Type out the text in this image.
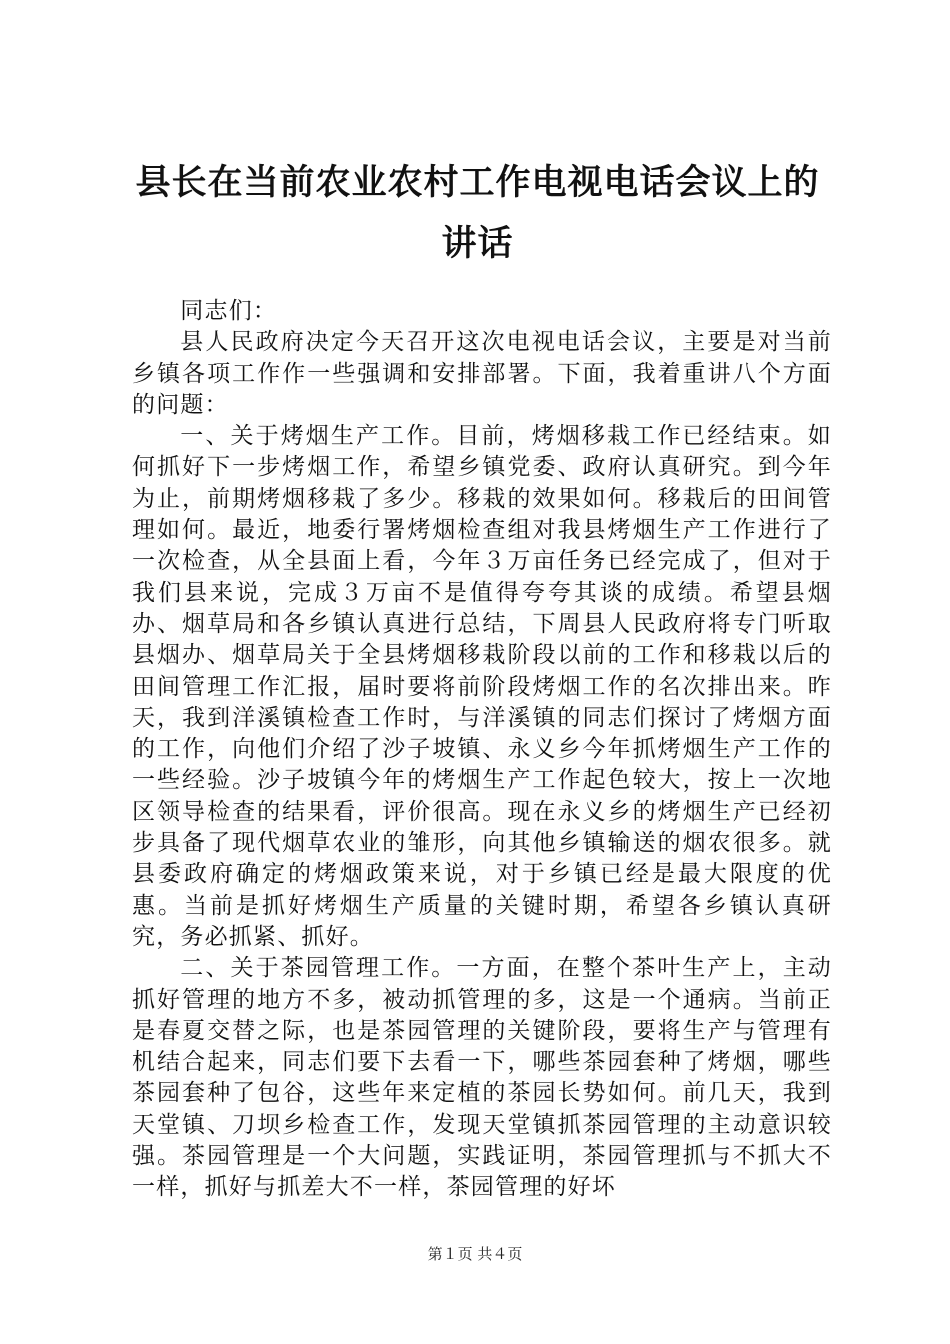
县长在当前农业农村工作电视电话会议上的讲话

同志们：

县人民政府决定今天召开这次电视电话会议，主要是对当前乡镇各项工作作一些强调和安排部署。下面，我着重讲八个方面的问题：

一、关于烤烟生产工作。目前，烤烟移栽工作已经结束。如何抓好下一步烤烟工作，希望乡镇党委、政府认真研究。到今年为止，前期烤烟移栽了多少。移栽的效果如何。移栽后的田间管理如何。最近，地委行署烤烟检查组对我县烤烟生产工作进行了一次检查，从全县面上看，今年３万亩任务已经完成了，但对于我们县来说，完成３万亩不是值得夸夸其谈的成绩。希望县烟办、烟草局和各乡镇认真进行总结，下周县人民政府将专门听取县烟办、烟草局关于全县烤烟移栽阶段以前的工作和移栽以后的田间管理工作汇报，届时要将前阶段烤烟工作的名次排出来。昨天，我到洋溪镇检查工作时，与洋溪镇的同志们探讨了烤烟方面的工作，向他们介绍了沙子坡镇、永义乡今年抓烤烟生产工作的一些经验。沙子坡镇今年的烤烟生产工作起色较大，按上一次地区领导检查的结果看，评价很高。现在永义乡的烤烟生产已经初步具备了现代烟草农业的雏形，向其他乡镇输送的烟农很多。就县委政府确定的烤烟政策来说，对于乡镇已经是最大限度的优惠。当前是抓好烤烟生产质量的关键时期，希望各乡镇认真研究，务必抓紧、抓好。

二、关于茶园管理工作。一方面，在整个茶叶生产上，主动抓好管理的地方不多，被动抓管理的多，这是一个通病。当前正是春夏交替之际，也是茶园管理的关键阶段，要将生产与管理有机结合起来，同志们要下去看一下，哪些茶园套种了烤烟，哪些茶园套种了包谷，这些年来定植的茶园长势如何。前几天，我到天堂镇、刀坝乡检查工作，发现天堂镇抓茶园管理的主动意识较强。茶园管理是一个大问题，实践证明，茶园管理抓与不抓大不一样，抓好与抓差大不一样，茶园管理的好坏

第１页 共４页
